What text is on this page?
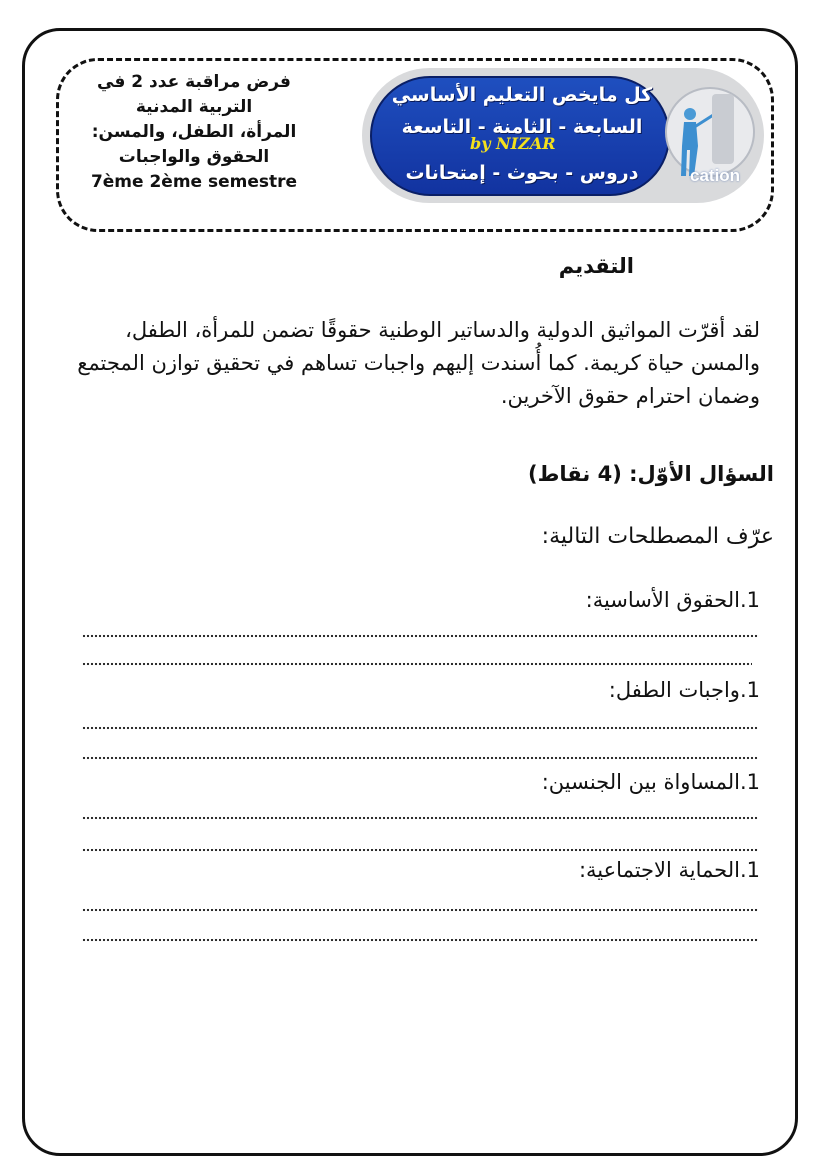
فرض مراقبة عدد 2 في
التربية المدنية
المرأة، الطفل، والمسن:
الحقوق والواجبات
7ème 2ème semestre
كل مايخص التعليم الأساسي
السابعة - الثامنة - التاسعة
by NIZAR
دروس - بحوث - إمتحانات	cation
التقديم
لقد أقرّت المواثيق الدولية والدساتير الوطنية حقوقًا تضمن للمرأة، الطفل، والمسن حياة كريمة. كما أُسندت إليهم واجبات تساهم في تحقيق توازن المجتمع وضمان احترام حقوق الآخرين.
السؤال الأوّل: (4 نقاط)
عرّف المصطلحات التالية:
1.الحقوق الأساسية:
1.واجبات الطفل:
1.المساواة بين الجنسين:
1.الحماية الاجتماعية:
